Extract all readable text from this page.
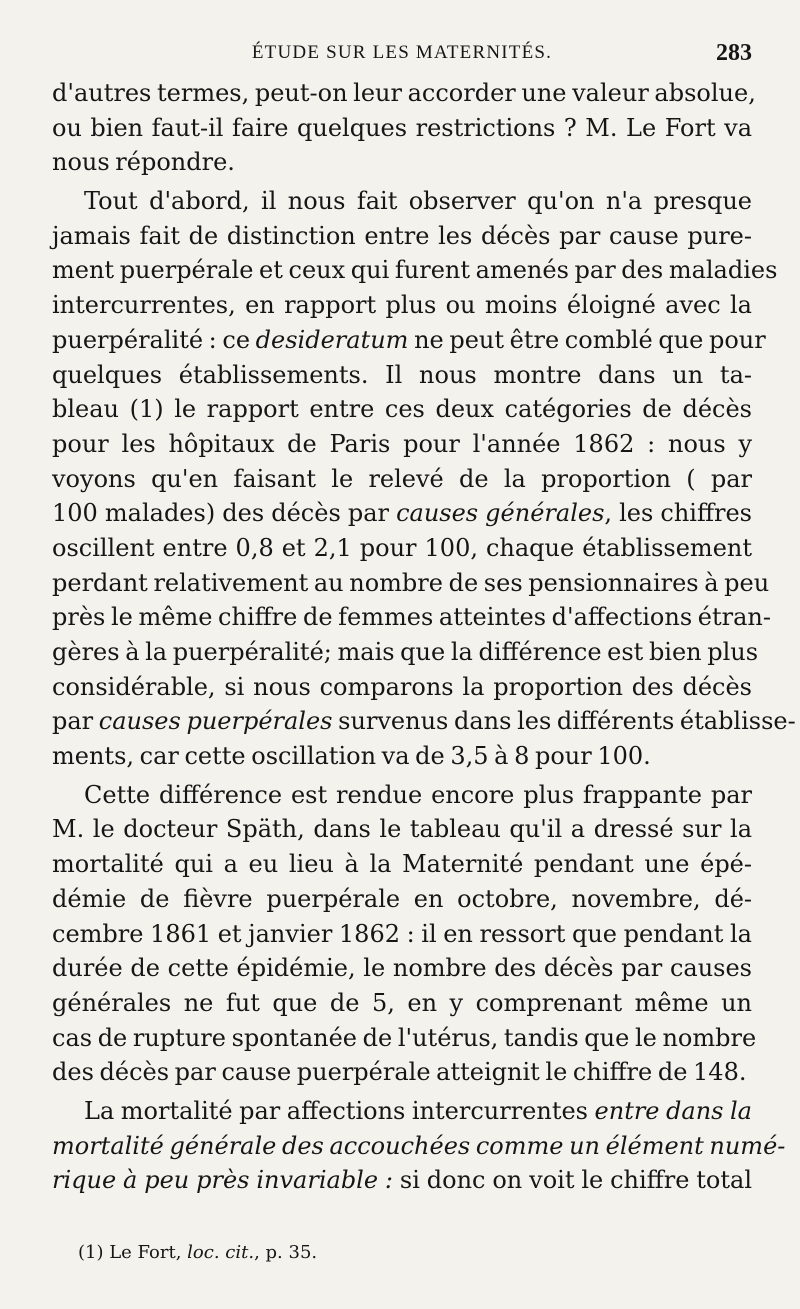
ÉTUDE SUR LES MATERNITÉS.	283
d'autres termes, peut-on leur accorder une valeur absolue,
ou bien faut-il faire quelques restrictions ? M. Le Fort va
nous répondre.
Tout d'abord, il nous fait observer qu'on n'a presque
jamais fait de distinction entre les décès par cause pure-
ment puerpérale et ceux qui furent amenés par des maladies
intercurrentes, en rapport plus ou moins éloigné avec la
puerpéralité : ce desideratum ne peut être comblé que pour
quelques établissements. Il nous montre dans un ta-
bleau (1) le rapport entre ces deux catégories de décès
pour les hôpitaux de Paris pour l'année 1862 : nous y
voyons qu'en faisant le relevé de la proportion ( par
100 malades) des décès par causes générales, les chiffres
oscillent entre 0,8 et 2,1 pour 100, chaque établissement
perdant relativement au nombre de ses pensionnaires à peu
près le même chiffre de femmes atteintes d'affections étran-
gères à la puerpéralité; mais que la différence est bien plus
considérable, si nous comparons la proportion des décès
par causes puerpérales survenus dans les différents établisse-
ments, car cette oscillation va de 3,5 à 8 pour 100.
Cette différence est rendue encore plus frappante par
M. le docteur Späth, dans le tableau qu'il a dressé sur la
mortalité qui a eu lieu à la Maternité pendant une épé-
démie de fièvre puerpérale en octobre, novembre, dé-
cembre 1861 et janvier 1862 : il en ressort que pendant la
durée de cette épidémie, le nombre des décès par causes
générales ne fut que de 5, en y comprenant même un
cas de rupture spontanée de l'utérus, tandis que le nombre
des décès par cause puerpérale atteignit le chiffre de 148.
La mortalité par affections intercurrentes entre dans la
mortalité générale des accouchées comme un élément numé-
rique à peu près invariable : si donc on voit le chiffre total
(1) Le Fort, loc. cit., p. 35.
